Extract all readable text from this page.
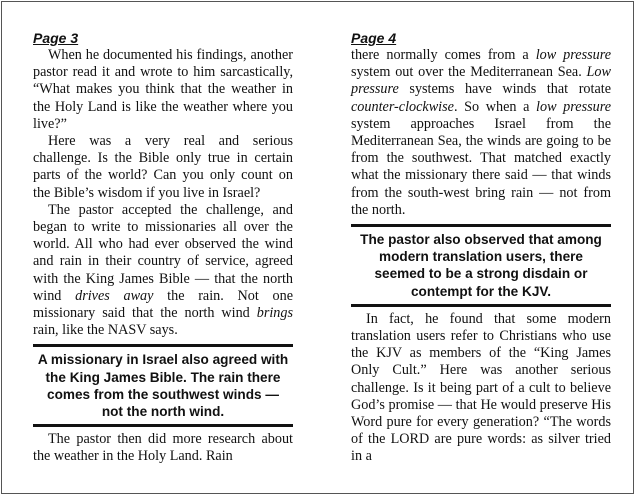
Page 3

When he documented his findings, another pastor read it and wrote to him sarcastically, “What makes you think that the weather in the Holy Land is like the weather where you live?”

Here was a very real and serious challenge. Is the Bible only true in certain parts of the world? Can you only count on the Bible’s wisdom if you live in Israel?

The pastor accepted the challenge, and began to write to missionaries all over the world. All who had ever observed the wind and rain in their country of service, agreed with the King James Bible — that the north wind drives away the rain. Not one missionary said that the north wind brings rain, like the NASV says.

A missionary in Israel also agreed with the King James Bible. The rain there comes from the southwest winds — not the north wind.

The pastor then did more research about the weather in the Holy Land. Rain

Page 4

there normally comes from a low pressure system out over the Mediterranean Sea. Low pressure systems have winds that rotate counter-clockwise. So when a low pressure system approaches Israel from the Mediterranean Sea, the winds are going to be from the southwest. That matched exactly what the missionary there said — that winds from the south-west bring rain — not from the north.

The pastor also observed that among modern translation users, there seemed to be a strong disdain or contempt for the KJV.

In fact, he found that some modern translation users refer to Christians who use the KJV as members of the “King James Only Cult.” Here was another serious challenge. Is it being part of a cult to believe God’s promise — that He would preserve His Word pure for every generation? “The words of the LORD are pure words: as silver tried in a
